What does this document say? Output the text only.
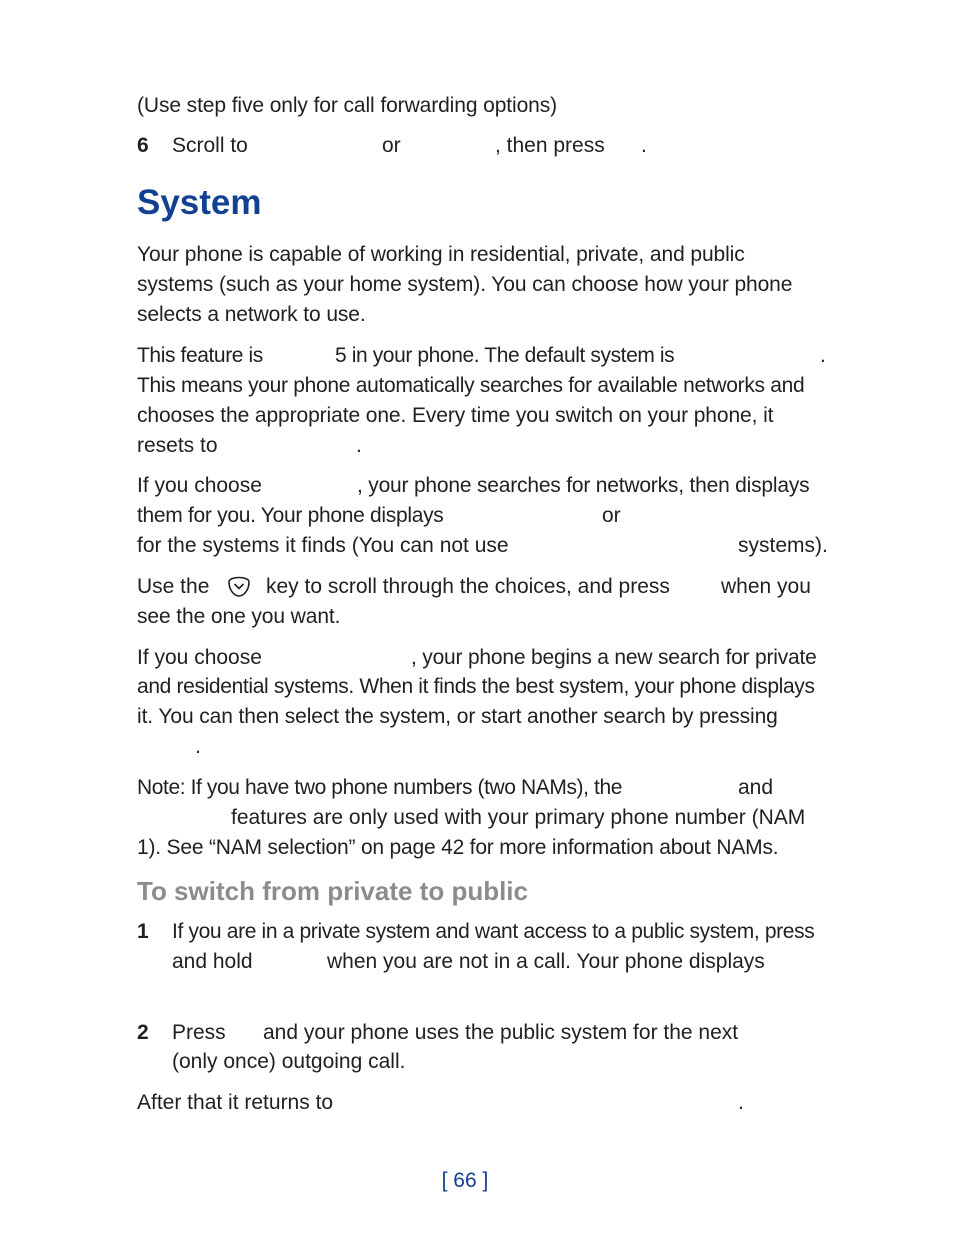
(Use step five only for call forwarding options)
6 Scroll to	or	, then press .
System
Your phone is capable of working in residential, private, and public
systems (such as your home system). You can choose how your phone
selects a network to use.
This feature is	5 in your phone. The default system is	.
This means your phone automatically searches for available networks and
chooses the appropriate one. Every time you switch on your phone, it
resets to	.
If you choose	, your phone searches for networks, then displays
them for you. Your phone displays	or
for the systems it finds (You can not use	systems).
Use the	key to scroll through the choices, and press when you
see the one you want.
If you choose	, your phone begins a new search for private
and residential systems. When it finds the best system, your phone displays
it. You can then select the system, or start another search by pressing
.
Note: If you have two phone numbers (two NAMs), the	and
features are only used with your primary phone number (NAM
1). See “NAM selection” on page 42 for more information about NAMs.
To switch from private to public
1 If you are in a private system and want access to a public system, press
and hold	when you are not in a call. Your phone displays
2 Press and your phone uses the public system for the next
(only once) outgoing call.
After that it returns to	.
[ 66 ]
